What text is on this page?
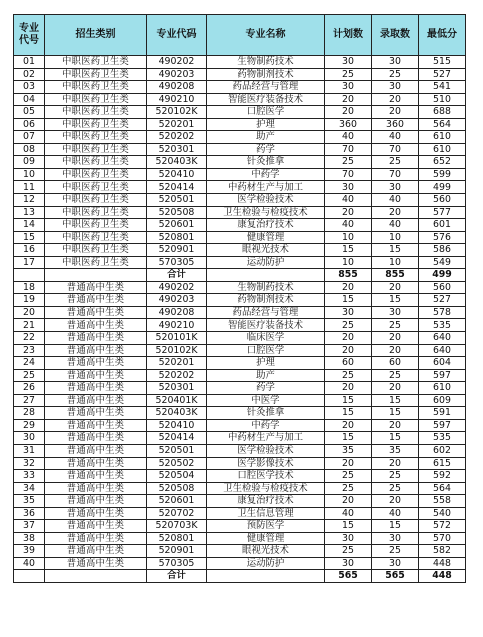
专业
代号	招生类别	专业代码	专业名称	计划数	录取数	最低分
01	中职医药卫生类	490202	生物制药技术	30	30	515
02	中职医药卫生类	490203	药物制剂技术	25	25	527
03	中职医药卫生类	490208	药品经营与管理	30	30	541
04	中职医药卫生类	490210	智能医疗装备技术	20	20	510
05	中职医药卫生类	520102K	口腔医学	20	20	688
06	中职医药卫生类	520201	护理	360	360	564
07	中职医药卫生类	520202	助产	40	40	610
08	中职医药卫生类	520301	药学	70	70	610
09	中职医药卫生类	520403K	针灸推拿	25	25	652
10	中职医药卫生类	520410	中药学	70	70	599
11	中职医药卫生类	520414	中药材生产与加工	30	30	499
12	中职医药卫生类	520501	医学检验技术	40	40	560
13	中职医药卫生类	520508	卫生检验与检疫技术	20	20	577
14	中职医药卫生类	520601	康复治疗技术	40	40	601
15	中职医药卫生类	520801	健康管理	10	10	576
16	中职医药卫生类	520901	眼视光技术	15	15	586
17	中职医药卫生类	570305	运动防护	10	10	549
		合计		855	855	499
18	普通高中生类	490202	生物制药技术	20	20	560
19	普通高中生类	490203	药物制剂技术	15	15	527
20	普通高中生类	490208	药品经营与管理	30	30	578
21	普通高中生类	490210	智能医疗装备技术	25	25	535
22	普通高中生类	520101K	临床医学	20	20	640
23	普通高中生类	520102K	口腔医学	20	20	640
24	普通高中生类	520201	护理	60	60	604
25	普通高中生类	520202	助产	25	25	597
26	普通高中生类	520301	药学	20	20	610
27	普通高中生类	520401K	中医学	15	15	609
28	普通高中生类	520403K	针灸推拿	15	15	591
29	普通高中生类	520410	中药学	20	20	597
30	普通高中生类	520414	中药材生产与加工	15	15	535
31	普通高中生类	520501	医学检验技术	35	35	602
32	普通高中生类	520502	医学影像技术	20	20	615
33	普通高中生类	520504	口腔医学技术	25	25	592
34	普通高中生类	520508	卫生检验与检疫技术	25	25	564
35	普通高中生类	520601	康复治疗技术	20	20	558
36	普通高中生类	520702	卫生信息管理	40	40	540
37	普通高中生类	520703K	预防医学	15	15	572
38	普通高中生类	520801	健康管理	30	30	570
39	普通高中生类	520901	眼视光技术	25	25	582
40	普通高中生类	570305	运动防护	30	30	448
		合计		565	565	448
